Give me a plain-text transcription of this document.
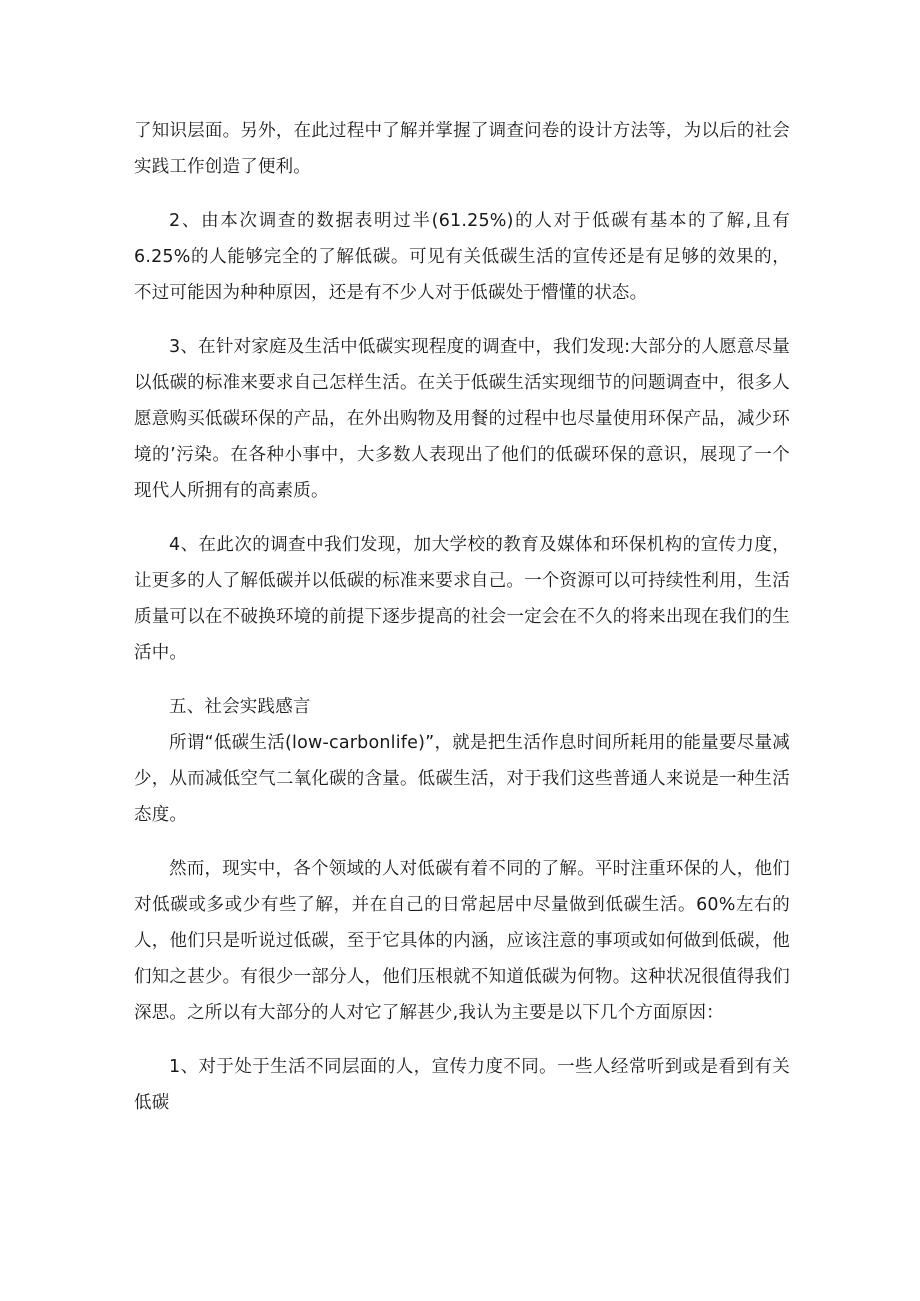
了知识层面。另外，在此过程中了解并掌握了调查问卷的设计方法等，为以后的社会实践工作创造了便利。

2、由本次调查的数据表明过半(61.25%)的人对于低碳有基本的了解,且有 6.25%的人能够完全的了解低碳。可见有关低碳生活的宣传还是有足够的效果的，不过可能因为种种原因，还是有不少人对于低碳处于懵懂的状态。

3、在针对家庭及生活中低碳实现程度的调查中，我们发现:大部分的人愿意尽量以低碳的标准来要求自己怎样生活。在关于低碳生活实现细节的问题调查中，很多人愿意购买低碳环保的产品，在外出购物及用餐的过程中也尽量使用环保产品，减少环境的’污染。在各种小事中，大多数人表现出了他们的低碳环保的意识，展现了一个现代人所拥有的高素质。

4、在此次的调查中我们发现，加大学校的教育及媒体和环保机构的宣传力度，让更多的人了解低碳并以低碳的标准来要求自己。一个资源可以可持续性利用，生活质量可以在不破换环境的前提下逐步提高的社会一定会在不久的将来出现在我们的生活中。

五、社会实践感言

所谓“低碳生活(low-carbonlife)”，就是把生活作息时间所耗用的能量要尽量减少，从而减低空气二氧化碳的含量。低碳生活，对于我们这些普通人来说是一种生活态度。

然而，现实中，各个领域的人对低碳有着不同的了解。平时注重环保的人，他们对低碳或多或少有些了解，并在自己的日常起居中尽量做到低碳生活。60%左右的人，他们只是听说过低碳，至于它具体的内涵，应该注意的事项或如何做到低碳，他们知之甚少。有很少一部分人，他们压根就不知道低碳为何物。这种状况很值得我们深思。之所以有大部分的人对它了解甚少,我认为主要是以下几个方面原因：

1、对于处于生活不同层面的人，宣传力度不同。一些人经常听到或是看到有关低碳
